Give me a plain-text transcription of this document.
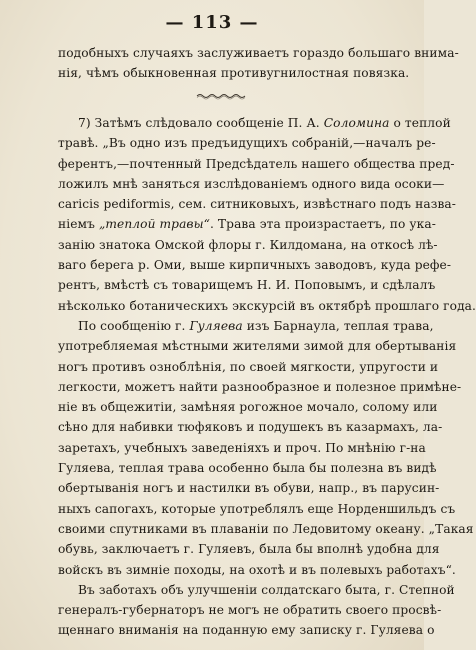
— 113 —
подобныхъ случаяхъ заслуживаетъ гораздо большаго внима-
нія, чѣмъ обыкновенная противугнилостная повязка.
7) Затѣмъ слѣдовало сообщеніе П. А. Соломина о теплой
травѣ. „Въ одно изъ предъидущихъ собраній,—началъ ре-
ферентъ,—почтенный Предсѣдатель нашего общества пред-
ложилъ мнѣ заняться изслѣдованіемъ одного вида осоки—
caricis pediformis, сем. ситниковыхъ, извѣстнаго подъ назва-
ніемъ „теплой травы“. Трава эта произрастаетъ, по ука-
занію знатока Омской флоры г. Килдомана, на откосѣ лѣ-
ваго берега р. Оми, выше кирпичныхъ заводовъ, куда рефе-
рентъ, вмѣстѣ съ товарищемъ Н. И. Поповымъ, и сдѣлалъ
нѣсколько ботаническихъ экскурсій въ октябрѣ прошлаго года.
По сообщенію г. Гуляева изъ Барнаула, теплая трава,
употребляемая мѣстными жителями зимой для обертыванія
ногъ противъ озноблѣнія, по своей мягкости, упругости и
легкости, можетъ найти разнообразное и полезное примѣне-
ніе въ общежитіи, замѣняя рогожное мочало, солому или
сѣно для набивки тюфяковъ и подушекъ въ казармахъ, ла-
заретахъ, учебныхъ заведеніяхъ и проч. По мнѣнію г-на
Гуляева, теплая трава особенно была бы полезна въ видѣ
обертыванія ногъ и настилки въ обуви, напр., въ парусин-
ныхъ сапогахъ, которые употреблялъ еще Норденшильдъ съ
своими спутниками въ плаваніи по Ледовитому океану. „Такая
обувь, заключаетъ г. Гуляевъ, была бы вполнѣ удобна для
войскъ въ зимніе походы, на охотѣ и въ полевыхъ работахъ“.
Въ заботахъ объ улучшеніи солдатскаго быта, г. Степной
генералъ-губернаторъ не могъ не обратить своего просвѣ-
щеннаго вниманія на поданную ему записку г. Гуляева о
